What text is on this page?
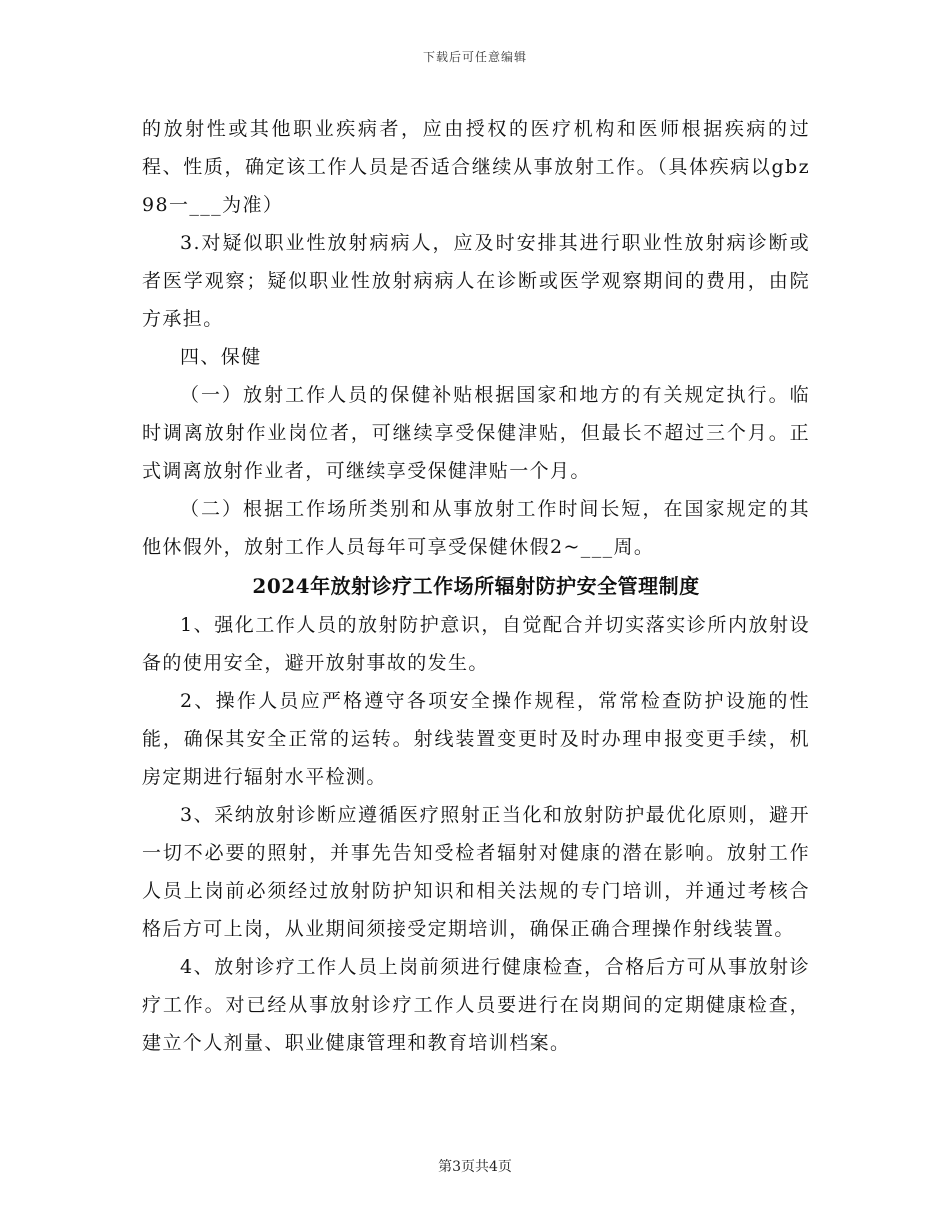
下载后可任意编辑

的放射性或其他职业疾病者，应由授权的医疗机构和医师根据疾病的过程、性质，确定该工作人员是否适合继续从事放射工作。（具体疾病以gbz98一___为准）

3.对疑似职业性放射病病人，应及时安排其进行职业性放射病诊断或者医学观察；疑似职业性放射病病人在诊断或医学观察期间的费用，由院方承担。

四、保健

（一）放射工作人员的保健补贴根据国家和地方的有关规定执行。临时调离放射作业岗位者，可继续享受保健津贴，但最长不超过三个月。正式调离放射作业者，可继续享受保健津贴一个月。

（二）根据工作场所类别和从事放射工作时间长短，在国家规定的其他休假外，放射工作人员每年可享受保健休假2~___周。

2024年放射诊疗工作场所辐射防护安全管理制度

1、强化工作人员的放射防护意识，自觉配合并切实落实诊所内放射设备的使用安全，避开放射事故的发生。

2、操作人员应严格遵守各项安全操作规程，常常检查防护设施的性能，确保其安全正常的运转。射线装置变更时及时办理申报变更手续，机房定期进行辐射水平检测。

3、采纳放射诊断应遵循医疗照射正当化和放射防护最优化原则，避开一切不必要的照射，并事先告知受检者辐射对健康的潜在影响。放射工作人员上岗前必须经过放射防护知识和相关法规的专门培训，并通过考核合格后方可上岗，从业期间须接受定期培训，确保正确合理操作射线装置。

4、放射诊疗工作人员上岗前须进行健康检查，合格后方可从事放射诊疗工作。对已经从事放射诊疗工作人员要进行在岗期间的定期健康检查，建立个人剂量、职业健康管理和教育培训档案。

第3页共4页
